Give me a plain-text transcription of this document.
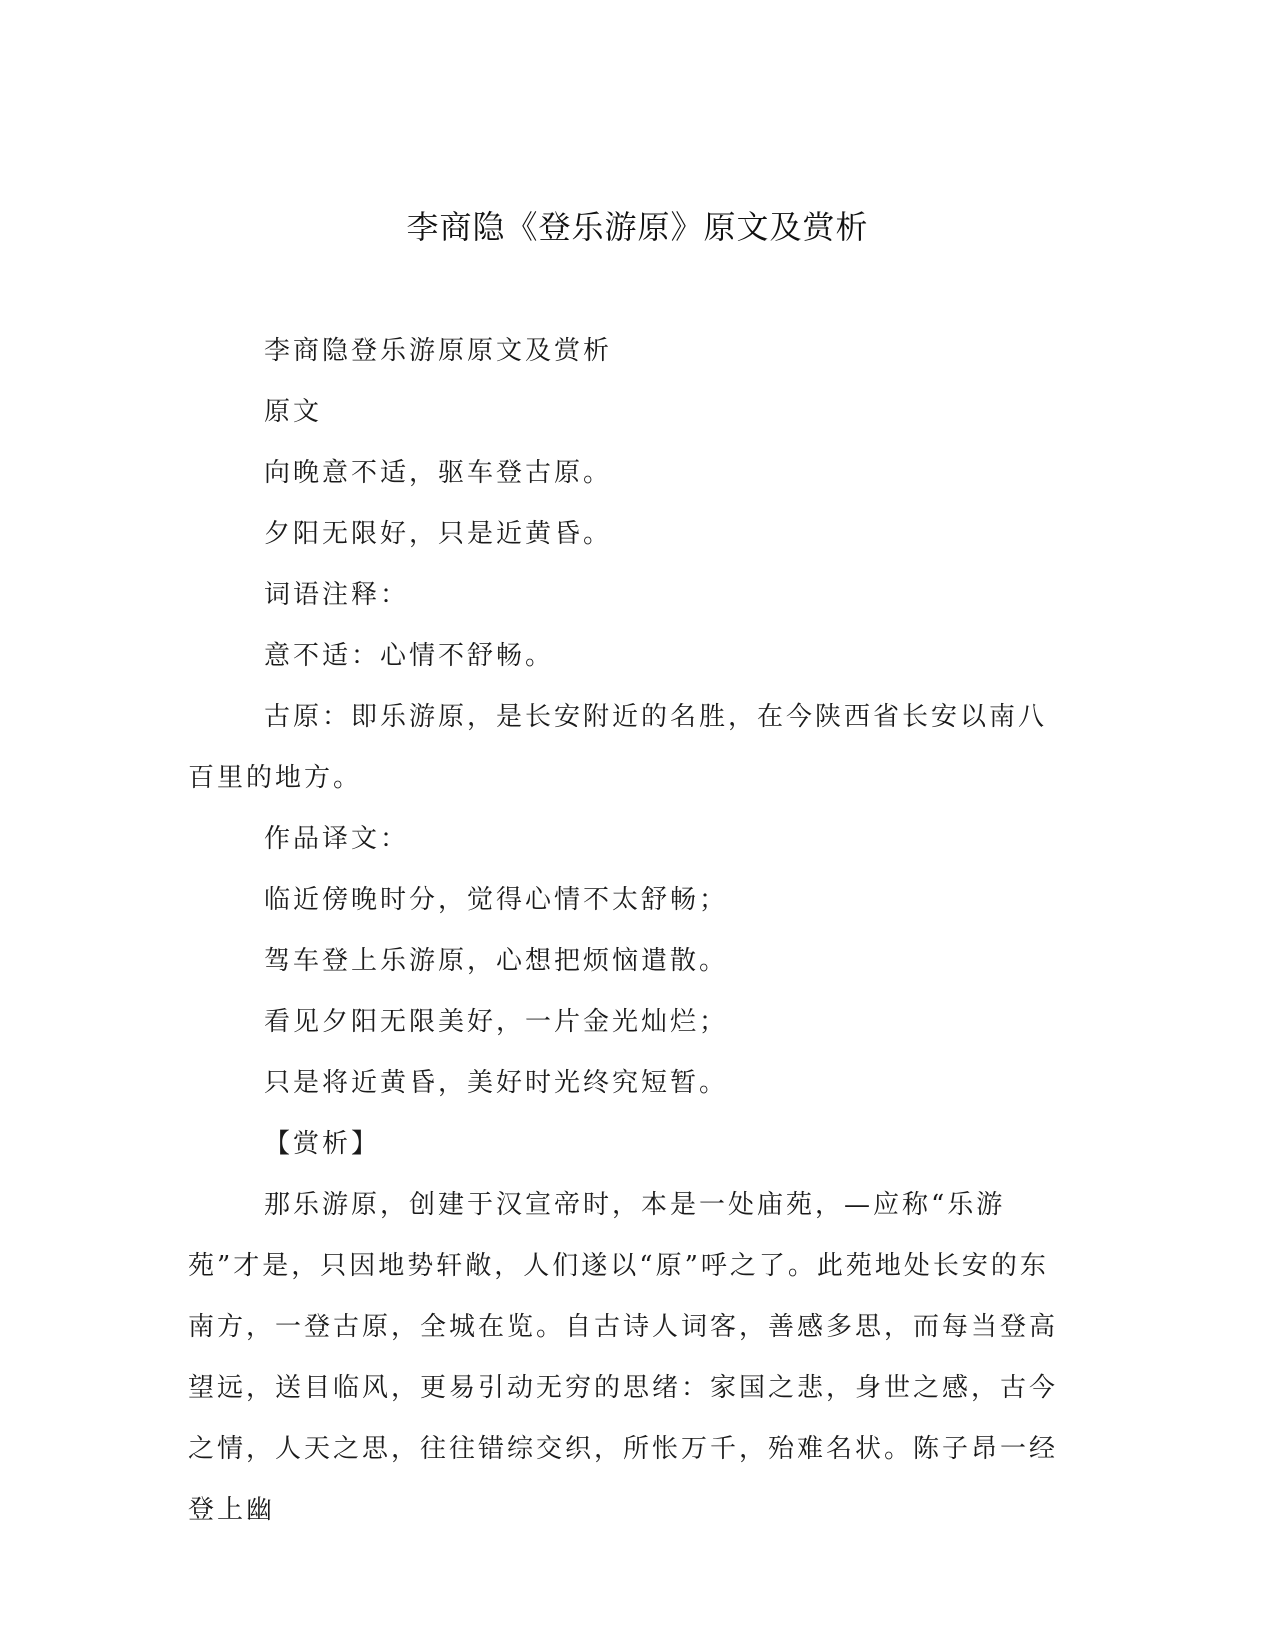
李商隐《登乐游原》原文及赏析

李商隐登乐游原原文及赏析

原文

向晚意不适，驱车登古原。

夕阳无限好，只是近黄昏。

词语注释：

意不适：心情不舒畅。

古原：即乐游原，是长安附近的名胜，在今陕西省长安以南八百里的地方。

作品译文：

临近傍晚时分，觉得心情不太舒畅；

驾车登上乐游原，心想把烦恼遣散。

看见夕阳无限美好，一片金光灿烂；

只是将近黄昏，美好时光终究短暂。

【赏析】

那乐游原，创建于汉宣帝时，本是一处庙苑，—应称“乐游苑”才是，只因地势轩敞，人们遂以“原”呼之了。此苑地处长安的东南方，一登古原，全城在览。自古诗人词客，善感多思，而每当登高望远，送目临风，更易引动无穷的思绪：家国之悲，身世之感，古今之情，人天之思，往往错综交织，所怅万千，殆难名状。陈子昂一经登上幽
